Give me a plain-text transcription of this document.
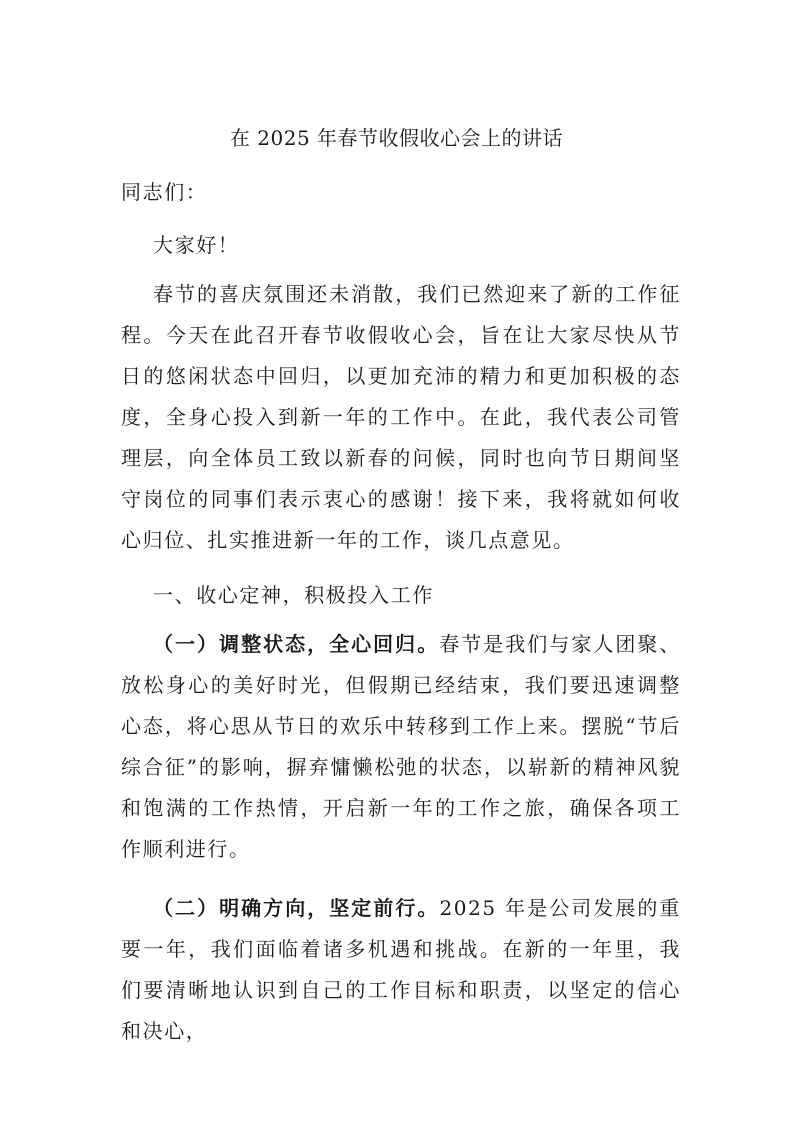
在 2025 年春节收假收心会上的讲话

同志们：

大家好！

春节的喜庆氛围还未消散，我们已然迎来了新的工作征程。今天在此召开春节收假收心会，旨在让大家尽快从节日的悠闲状态中回归，以更加充沛的精力和更加积极的态度，全身心投入到新一年的工作中。在此，我代表公司管理层，向全体员工致以新春的问候，同时也向节日期间坚守岗位的同事们表示衷心的感谢！接下来，我将就如何收心归位、扎实推进新一年的工作，谈几点意见。

一、收心定神，积极投入工作

（一）调整状态，全心回归。春节是我们与家人团聚、放松身心的美好时光，但假期已经结束，我们要迅速调整心态，将心思从节日的欢乐中转移到工作上来。摆脱“节后综合征”的影响，摒弃慵懒松弛的状态，以崭新的精神风貌和饱满的工作热情，开启新一年的工作之旅，确保各项工作顺利进行。

（二）明确方向，坚定前行。2025 年是公司发展的重要一年，我们面临着诸多机遇和挑战。在新的一年里，我们要清晰地认识到自己的工作目标和职责，以坚定的信心和决心，
